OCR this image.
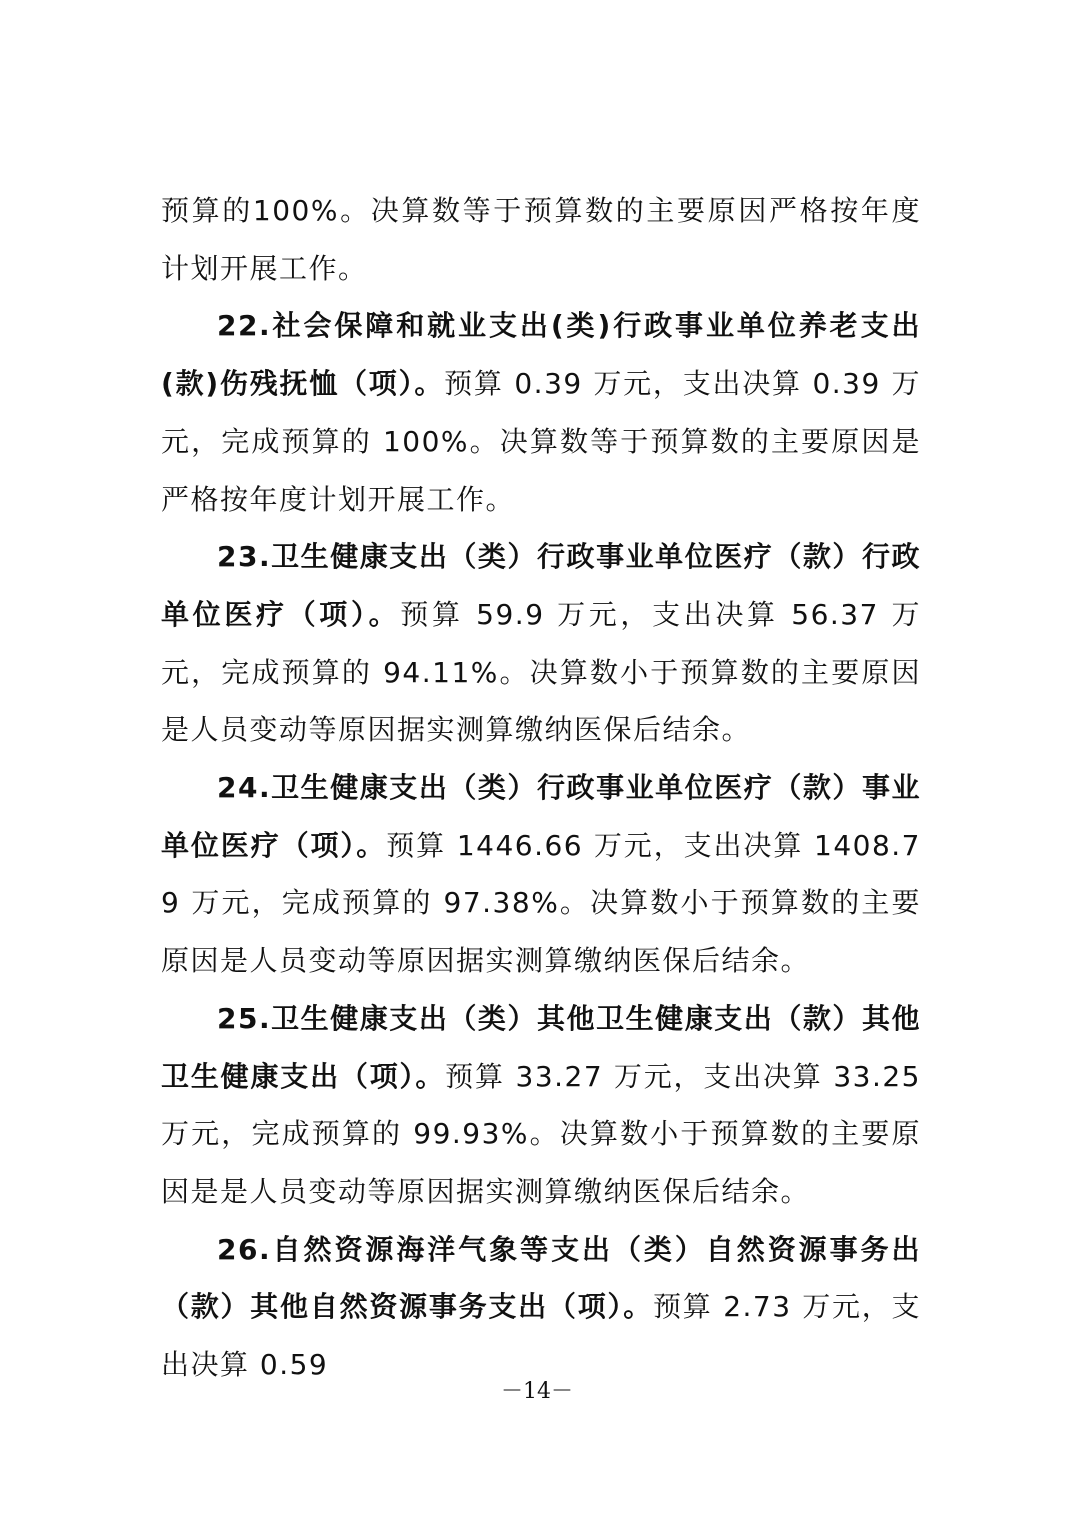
预算的100%。决算数等于预算数的主要原因严格按年度计划开展工作。

22.社会保障和就业支出(类)行政事业单位养老支出(款)伤残抚恤（项）。预算 0.39 万元，支出决算 0.39 万元，完成预算的 100%。决算数等于预算数的主要原因是严格按年度计划开展工作。

23.卫生健康支出（类）行政事业单位医疗（款）行政单位医疗（项）。预算 59.9 万元，支出决算 56.37 万元，完成预算的 94.11%。决算数小于预算数的主要原因是人员变动等原因据实测算缴纳医保后结余。

24.卫生健康支出（类）行政事业单位医疗（款）事业单位医疗（项）。预算 1446.66 万元，支出决算 1408.79 万元，完成预算的 97.38%。决算数小于预算数的主要原因是人员变动等原因据实测算缴纳医保后结余。

25.卫生健康支出（类）其他卫生健康支出（款）其他卫生健康支出（项）。预算 33.27 万元，支出决算 33.25 万元，完成预算的 99.93%。决算数小于预算数的主要原因是是人员变动等原因据实测算缴纳医保后结余。

26.自然资源海洋气象等支出（类）自然资源事务出（款）其他自然资源事务支出（项）。预算 2.73 万元，支出决算 0.59

－14－
